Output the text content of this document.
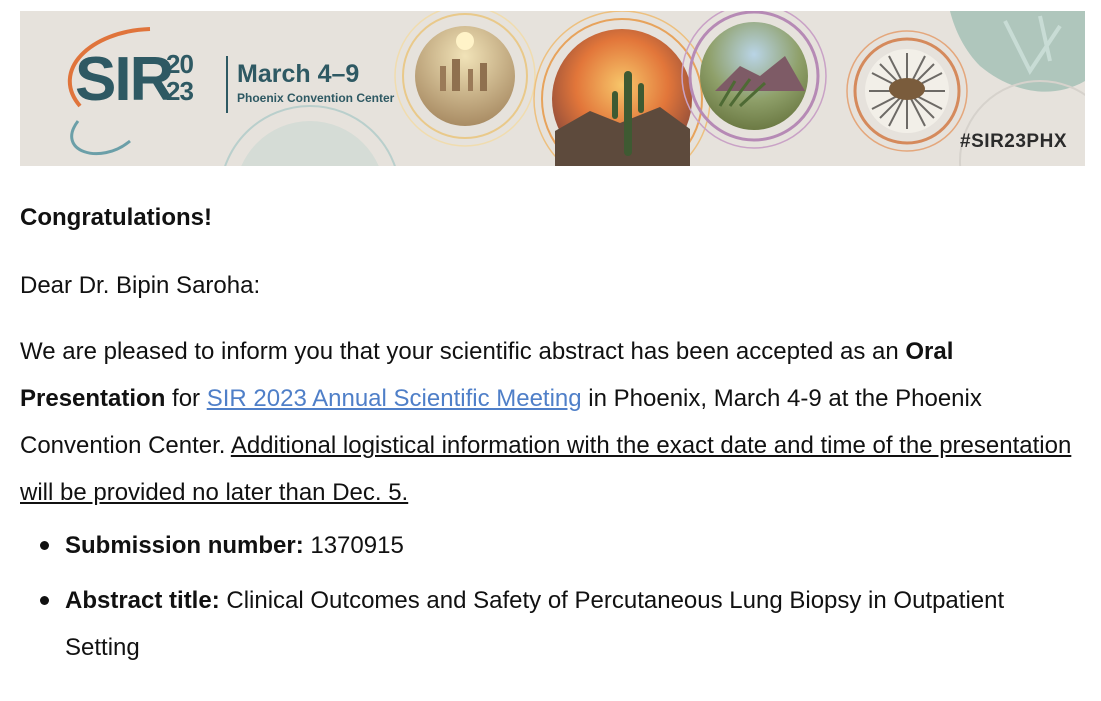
SIR
20
23
March 4–9
Phoenix Convention Center
#SIR23PHX

Congratulations!

Dear Dr. Bipin Saroha:

We are pleased to inform you that your scientific abstract has been accepted as an Oral Presentation for SIR 2023 Annual Scientific Meeting in Phoenix, March 4-9 at the Phoenix Convention Center. Additional logistical information with the exact date and time of the presentation will be provided no later than Dec. 5.

Submission number: 1370915
Abstract title: Clinical Outcomes and Safety of Percutaneous Lung Biopsy in Outpatient Setting
